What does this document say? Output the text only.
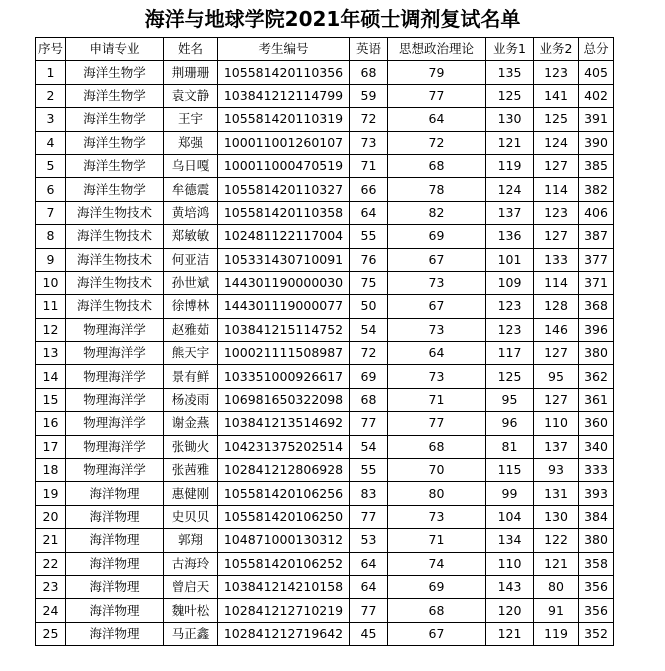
海洋与地球学院2021年硕士调剂复试名单
序号	申请专业	姓名	考生编号	英语	思想政治理论	业务1	业务2	总分
1	海洋生物学	荆珊珊	105581420110356	68	79	135	123	405
2	海洋生物学	袁文静	103841212114799	59	77	125	141	402
3	海洋生物学	王宇	105581420110319	72	64	130	125	391
4	海洋生物学	郑强	100011001260107	73	72	121	124	390
5	海洋生物学	乌日嘎	100011000470519	71	68	119	127	385
6	海洋生物学	牟德震	105581420110327	66	78	124	114	382
7	海洋生物技术	黄培鸿	105581420110358	64	82	137	123	406
8	海洋生物技术	郑敏敏	102481122117004	55	69	136	127	387
9	海洋生物技术	何亚洁	105331430710091	76	67	101	133	377
10	海洋生物技术	孙世斌	144301190000030	75	73	109	114	371
11	海洋生物技术	徐博林	144301119000077	50	67	123	128	368
12	物理海洋学	赵雅茹	103841215114752	54	73	123	146	396
13	物理海洋学	熊天宇	100021111508987	72	64	117	127	380
14	物理海洋学	景有鲜	103351000926617	69	73	125	95	362
15	物理海洋学	杨凌雨	106981650322098	68	71	95	127	361
16	物理海洋学	谢金燕	103841213514692	77	77	96	110	360
17	物理海洋学	张锄火	104231375202514	54	68	81	137	340
18	物理海洋学	张茜雅	102841212806928	55	70	115	93	333
19	海洋物理	惠健刚	105581420106256	83	80	99	131	393
20	海洋物理	史贝贝	105581420106250	77	73	104	130	384
21	海洋物理	郭翔	104871000130312	53	71	134	122	380
22	海洋物理	古海玲	105581420106252	64	74	110	121	358
23	海洋物理	曾启天	103841214210158	64	69	143	80	356
24	海洋物理	魏叶松	102841212710219	77	68	120	91	356
25	海洋物理	马正鑫	102841212719642	45	67	121	119	352
